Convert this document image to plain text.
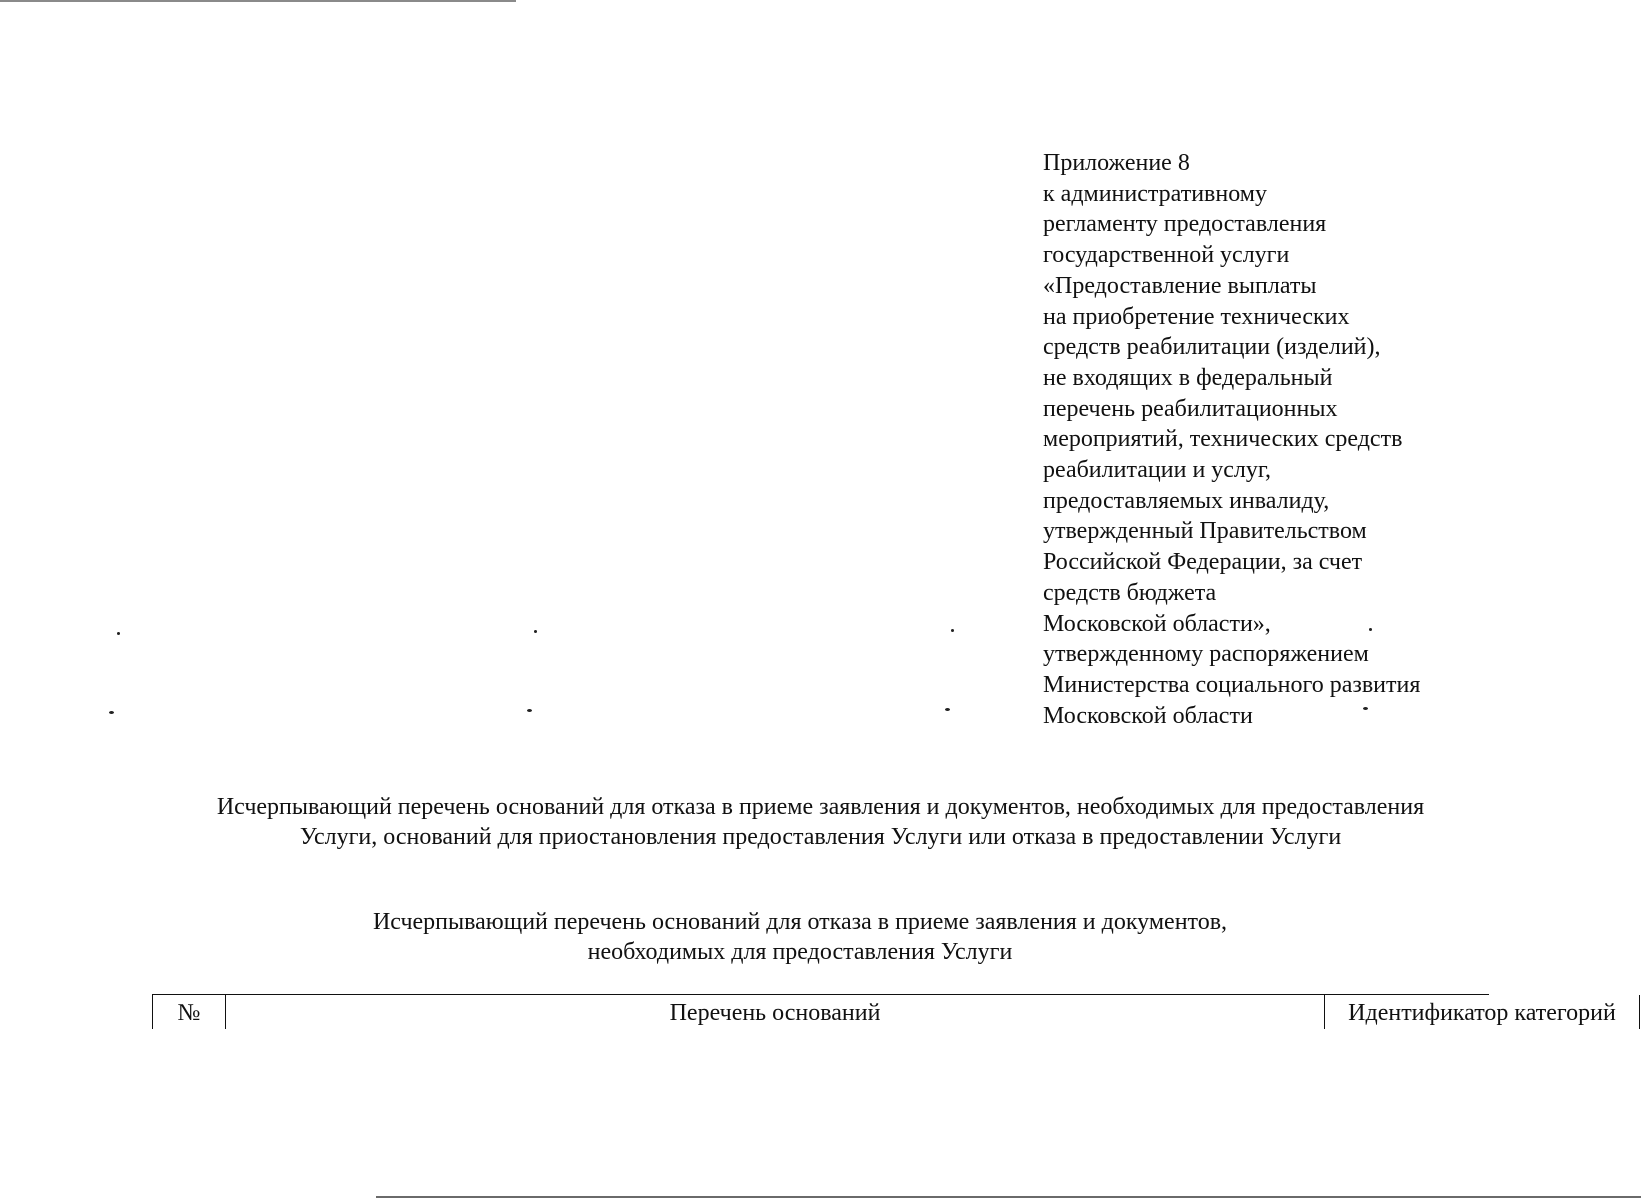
Приложение 8
к административному
регламенту предоставления
государственной услуги
«Предоставление выплаты
на приобретение технических
средств реабилитации (изделий),
не входящих в федеральный
перечень реабилитационных
мероприятий, технических средств
реабилитации и услуг,
предоставляемых инвалиду,
утвержденный Правительством
Российской Федерации, за счет
средств бюджета
Московской области»,
утвержденному распоряжением
Министерства социального развития
Московской области
Исчерпывающий перечень оснований для отказа в приеме заявления и документов, необходимых для предоставления
Услуги, оснований для приостановления предоставления Услуги или отказа в предоставлении Услуги
Исчерпывающий перечень оснований для отказа в приеме заявления и документов,
необходимых для предоставления Услуги
№	Перечень оснований	Идентификатор категорий
